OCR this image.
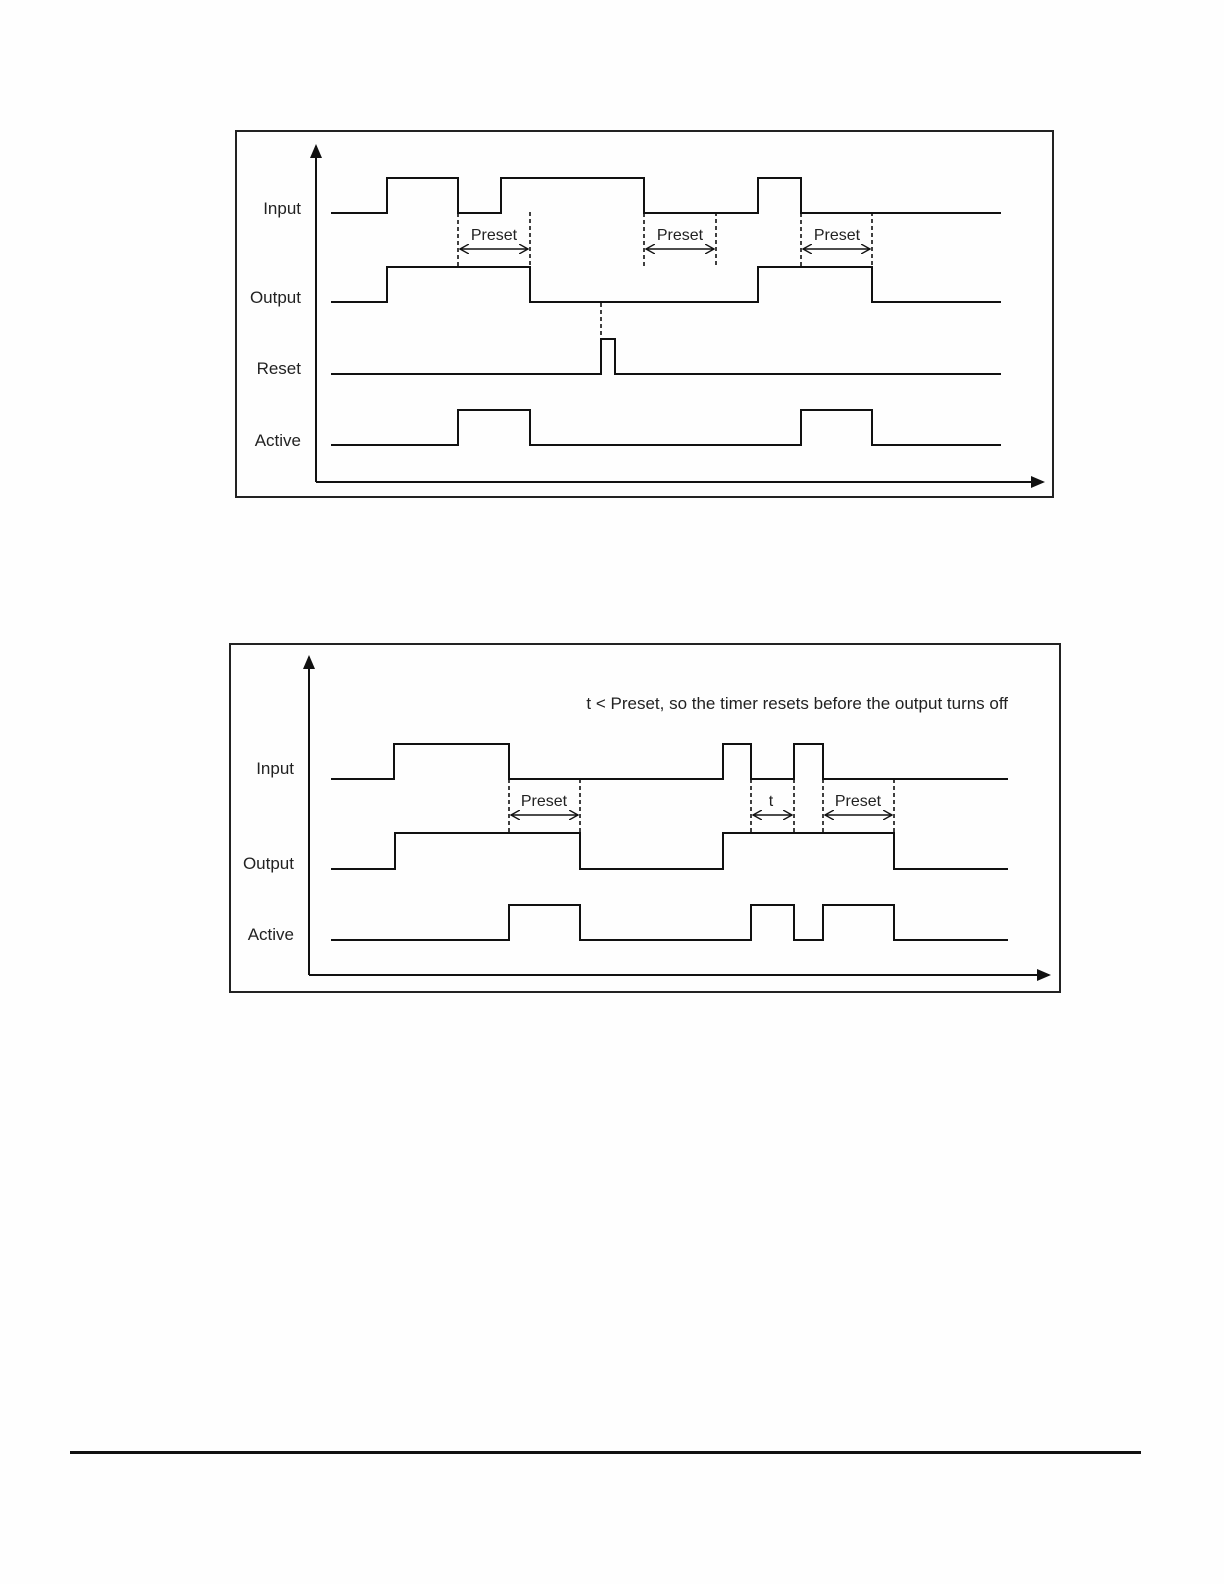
Input
Output
Reset
Active
Preset	Preset	Preset
t < Preset, so the timer resets before the output turns off
Input
Output
Active
Preset	t	Preset
